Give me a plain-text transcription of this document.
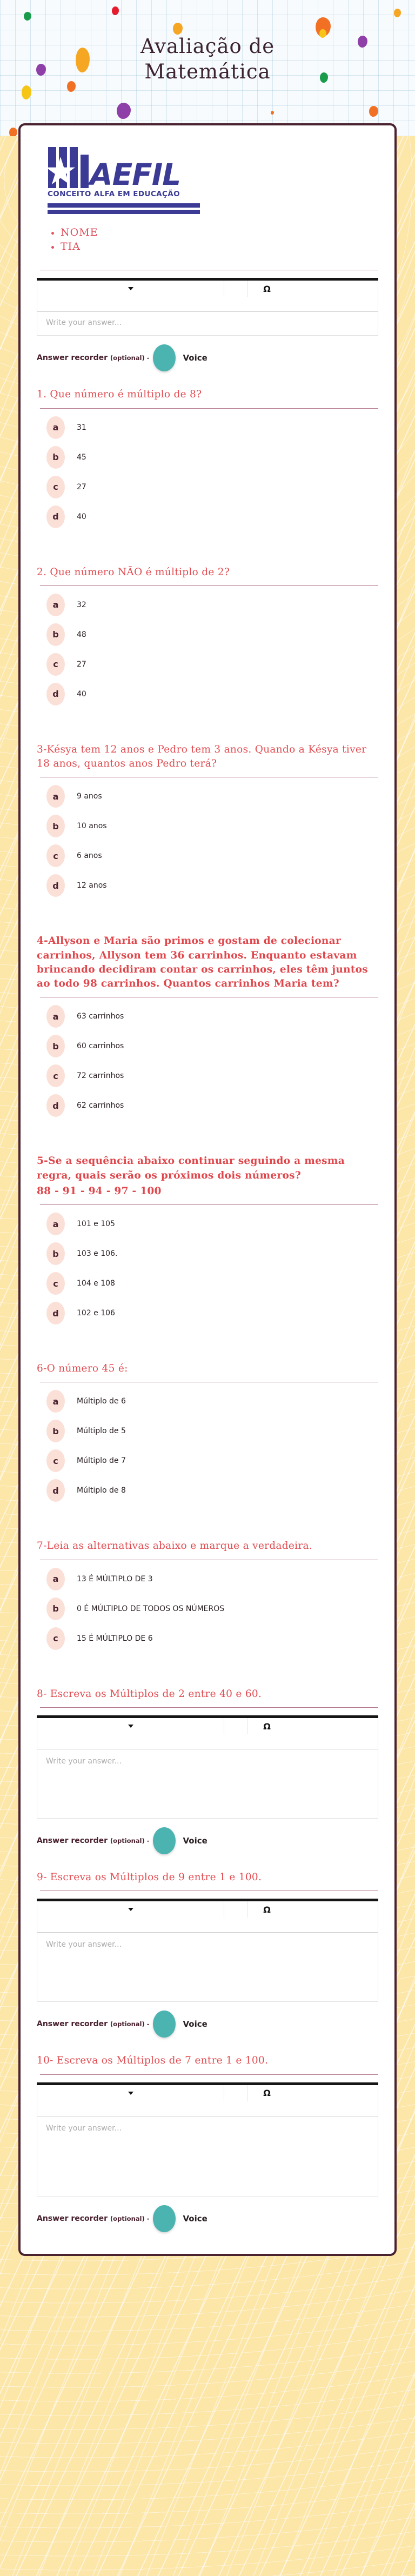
Avaliação de
Matemática
AEFIL
CONCEITO ALFA EM EDUCAÇÃO
NOME
TIA
Ω
Write your answer...
Answer recorder (optional) -	Voice
1. Que número é múltiplo de 8?
a	31
b	45
c	27
d	40
2. Que número NÃO é múltiplo de 2?
a	32
b	48
c	27
d	40
3-Késya tem 12 anos e Pedro tem 3 anos. Quando a Késya tiver 18 anos, quantos anos Pedro terá?
a	9 anos
b	10 anos
c	6 anos
d	12 anos
4-Allyson e Maria são primos e gostam de colecionar carrinhos, Allyson tem 36 carrinhos. Enquanto estavam brincando decidiram contar os carrinhos, eles têm juntos ao todo 98 carrinhos. Quantos carrinhos Maria tem?
a	63 carrinhos
b	60 carrinhos
c	72 carrinhos
d	62 carrinhos
5-Se a sequência abaixo continuar seguindo a mesma regra, quais serão os próximos dois números?
88 - 91 - 94 - 97 - 100
a	101 e 105
b	103 e 106.
c	104 e 108
d	102 e 106
6-O número 45 é:
a	Múltiplo de 6
b	Múltiplo de 5
c	Múltiplo de 7
d	Múltiplo de 8
7-Leia as alternativas abaixo e marque a verdadeira.
a	13 É MÚLTIPLO DE 3
b	0 É MÚLTIPLO DE TODOS OS NÚMEROS
c	15 É MÚLTIPLO DE 6
8- Escreva os Múltiplos de 2 entre 40 e 60.
Ω
Write your answer...
Answer recorder (optional) -	Voice
9- Escreva os Múltiplos de 9 entre 1 e 100.
Ω
Write your answer...
Answer recorder (optional) -	Voice
10- Escreva os Múltiplos de 7 entre 1 e 100.
Ω
Write your answer...
Answer recorder (optional) -	Voice
